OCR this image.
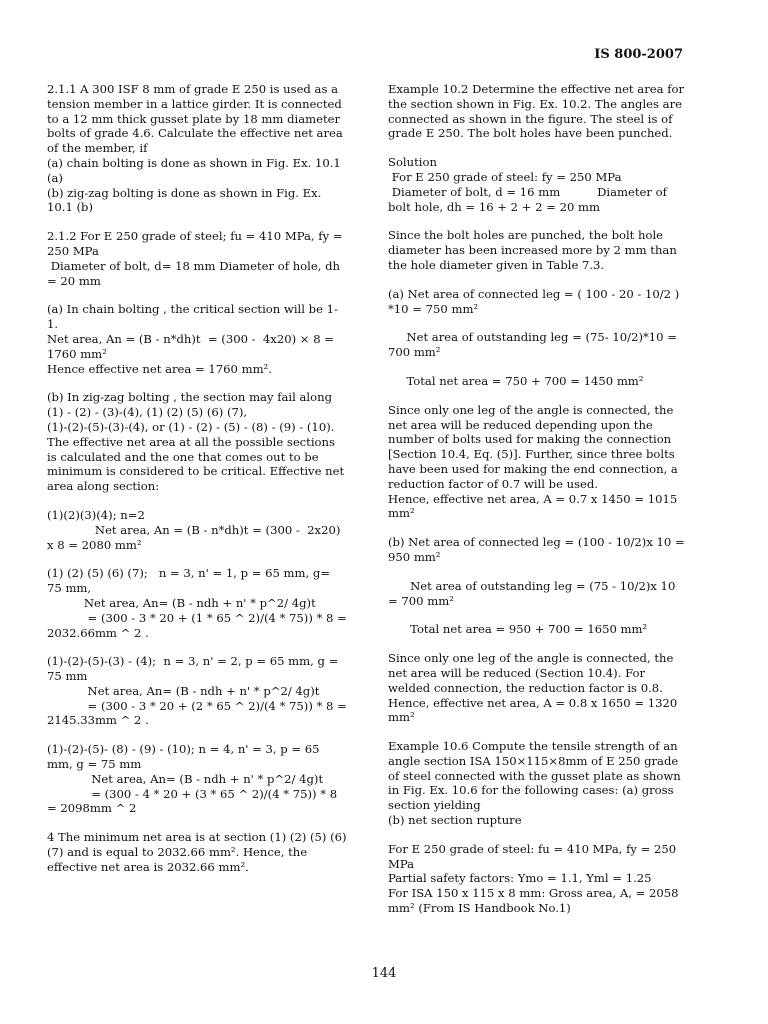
IS 800-2007

2.1.1 A 300 ISF 8 mm of grade E 250 is used as a tension member in a lattice girder. It is connected to a 12 mm thick gusset plate by 18 mm diameter bolts of grade 4.6. Calculate the effective net area of the member, if
(a) chain bolting is done as shown in Fig. Ex. 10.1 (a)
(b) zig-zag bolting is done as shown in Fig. Ex. 10.1 (b)

2.1.2 For E 250 grade of steel; fu = 410 MPa, fy = 250 MPa
Diameter of bolt, d= 18 mm Diameter of hole, dh = 20 mm

(a) In chain bolting , the critical section will be 1-1.
Net area, An = (B - n*dh)t  = (300 -  4x20) × 8 = 1760 mm²
Hence effective net area = 1760 mm².

(b) In zig-zag bolting , the section may fail along (1) - (2) - (3)-(4), (1) (2) (5) (6) (7),
(1)-(2)-(5)-(3)-(4), or (1) - (2) - (5) - (8) - (9) - (10).
The effective net area at all the possible sections is calculated and the one that comes out to be minimum is considered to be critical. Effective net area along section:

(1)(2)(3)(4); n=2
Net area, An = (B - n*dh)t = (300 -  2x20) x 8 = 2080 mm²

(1) (2) (5) (6) (7);   n = 3, n' = 1, p = 65 mm, g= 75 mm,
Net area, An= (B - ndh + n' * p^2/ 4g)t
= (300 - 3 * 20 + (1 * 65 ^ 2)/(4 * 75)) * 8 = 2032.66mm ^ 2 .

(1)-(2)-(5)-(3) - (4);  n = 3, n' = 2, p = 65 mm, g = 75 mm
Net area, An= (B - ndh + n' * p^2/ 4g)t
= (300 - 3 * 20 + (2 * 65 ^ 2)/(4 * 75)) * 8 = 2145.33mm ^ 2 .

(1)-(2)-(5)- (8) - (9) - (10); n = 4, n' = 3, p = 65 mm, g = 75 mm
Net area, An= (B - ndh + n' * p^2/ 4g)t
= (300 - 4 * 20 + (3 * 65 ^ 2)/(4 * 75)) * 8 = 2098mm ^ 2

4 The minimum net area is at section (1) (2) (5) (6) (7) and is equal to 2032.66 mm². Hence, the effective net area is 2032.66 mm².

Example 10.2 Determine the effective net area for the section shown in Fig. Ex. 10.2. The angles are connected as shown in the figure. The steel is of grade E 250. The bolt holes have been punched.

Solution
For E 250 grade of steel: fy = 250 MPa
Diameter of bolt, d = 16 mm          Diameter of bolt hole, dh = 16 + 2 + 2 = 20 mm

Since the bolt holes are punched, the bolt hole diameter has been increased more by 2 mm than the hole diameter given in Table 7.3.

(a) Net area of connected leg = ( 100 - 20 - 10/2 ) *10 = 750 mm²

Net area of outstanding leg = (75- 10/2)*10 = 700 mm²

Total net area = 750 + 700 = 1450 mm²

Since only one leg of the angle is connected, the net area will be reduced depending upon the number of bolts used for making the connection [Section 10.4, Eq. (5)]. Further, since three bolts have been used for making the end connection, a reduction factor of 0.7 will be used.
Hence, effective net area, A = 0.7 x 1450 = 1015 mm²

(b) Net area of connected leg = (100 - 10/2)x 10 = 950 mm²

Net area of outstanding leg = (75 - 10/2)x 10 = 700 mm²

Total net area = 950 + 700 = 1650 mm²

Since only one leg of the angle is connected, the net area will be reduced (Section 10.4). For welded connection, the reduction factor is 0.8. Hence, effective net area, A = 0.8 x 1650 = 1320 mm²

Example 10.6 Compute the tensile strength of an angle section ISA 150×115×8mm of E 250 grade of steel connected with the gusset plate as shown in Fig. Ex. 10.6 for the following cases: (a) gross section yielding
(b) net section rupture

For E 250 grade of steel: fu = 410 MPa, fy = 250 MPa
Partial safety factors: Ymo = 1.1, Yml = 1.25
For ISA 150 x 115 x 8 mm: Gross area, A, = 2058 mm² (From IS Handbook No.1)

144
